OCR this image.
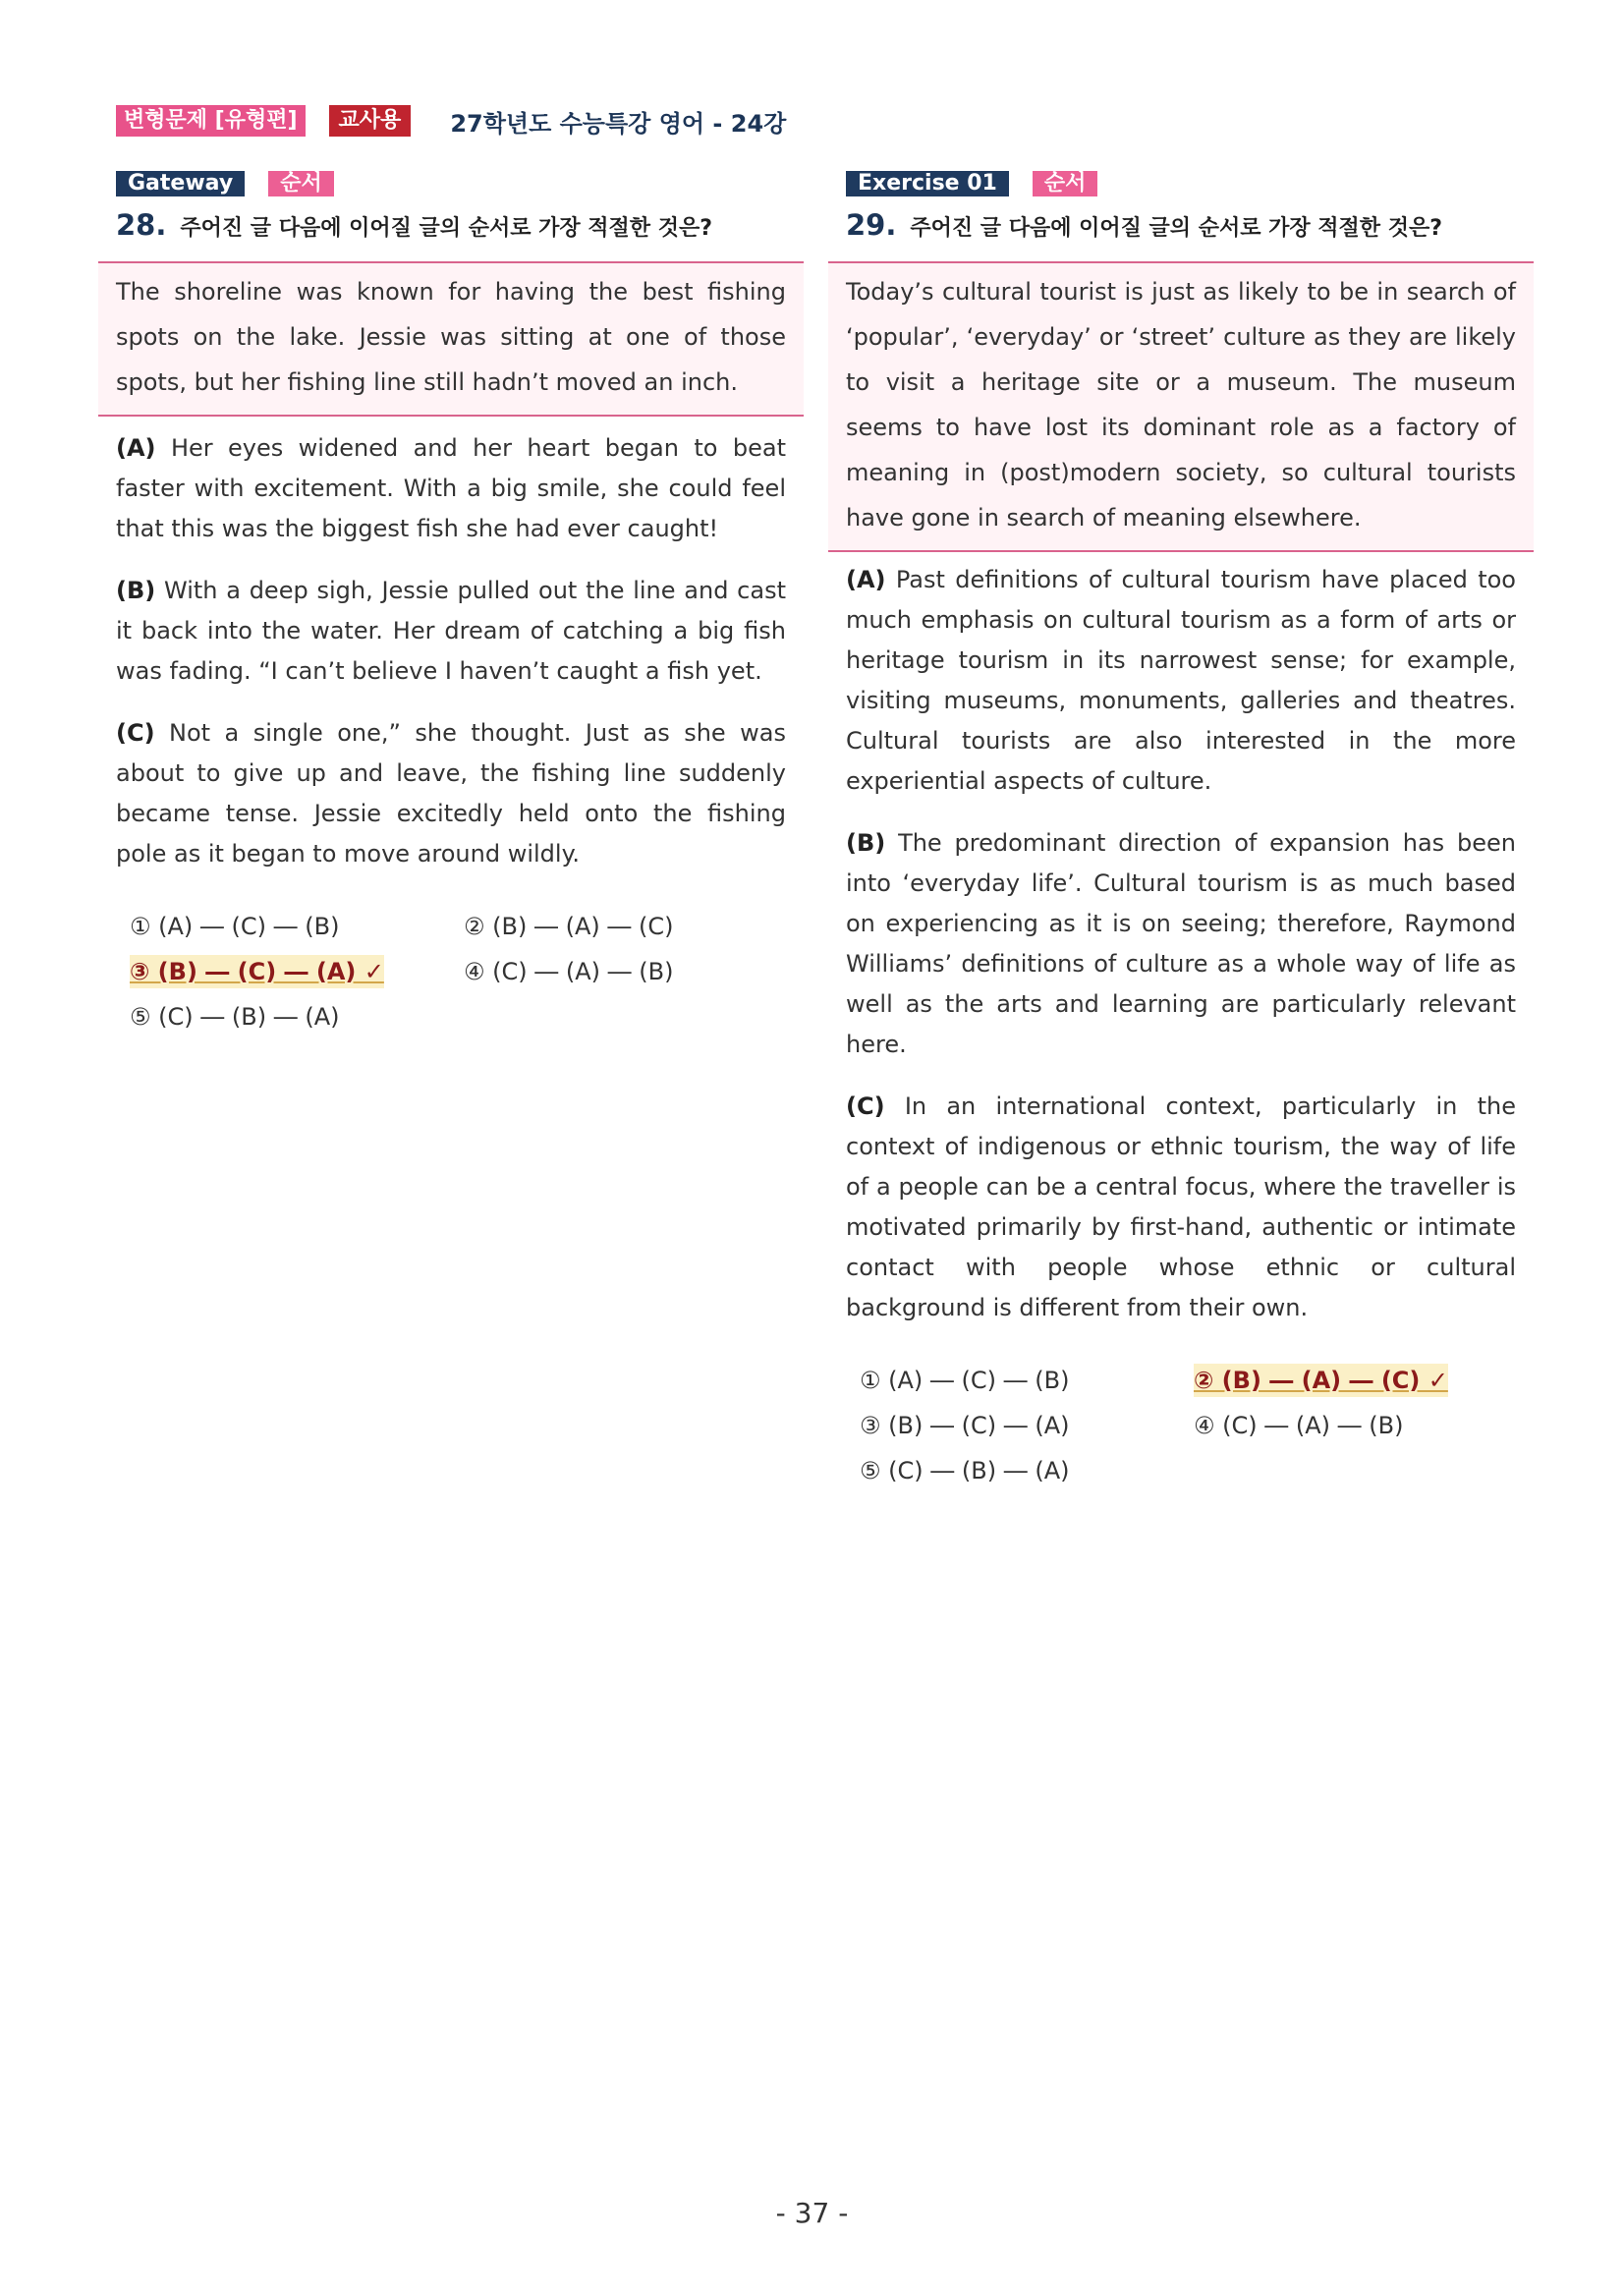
변형문제 [유형편]	교사용	27학년도 수능특강 영어 - 24강
Gateway	순서
28. 주어진 글 다음에 이어질 글의 순서로 가장 적절한 것은?
The shoreline was known for having the best fishing spots on the lake. Jessie was sitting at one of those spots, but her fishing line still hadn’t moved an inch.
(A) Her eyes widened and her heart began to beat faster with excitement. With a big smile, she could feel that this was the biggest fish she had ever caught!
(B) With a deep sigh, Jessie pulled out the line and cast it back into the water. Her dream of catching a big fish was fading. “I can’t believe I haven’t caught a fish yet.
(C) Not a single one,” she thought. Just as she was about to give up and leave, the fishing line suddenly became tense. Jessie excitedly held onto the fishing pole as it began to move around wildly.
① (A) ― (C) ― (B)	② (B) ― (A) ― (C)
③ (B) ― (C) ― (A) ✓	④ (C) ― (A) ― (B)
⑤ (C) ― (B) ― (A)
Exercise 01	순서
29. 주어진 글 다음에 이어질 글의 순서로 가장 적절한 것은?
Today’s cultural tourist is just as likely to be in search of ‘popular’, ‘everyday’ or ‘street’ culture as they are likely to visit a heritage site or a museum. The museum seems to have lost its dominant role as a factory of meaning in (post)modern society, so cultural tourists have gone in search of meaning elsewhere.
(A) Past definitions of cultural tourism have placed too much emphasis on cultural tourism as a form of arts or heritage tourism in its narrowest sense; for example, visiting museums, monuments, galleries and theatres. Cultural tourists are also interested in the more experiential aspects of culture.
(B) The predominant direction of expansion has been into ‘everyday life’. Cultural tourism is as much based on experiencing as it is on seeing; therefore, Raymond Williams’ definitions of culture as a whole way of life as well as the arts and learning are particularly relevant here.
(C) In an international context, particularly in the context of indigenous or ethnic tourism, the way of life of a people can be a central focus, where the traveller is motivated primarily by first-hand, authentic or intimate contact with people whose ethnic or cultural background is different from their own.
① (A) ― (C) ― (B)	② (B) ― (A) ― (C) ✓
③ (B) ― (C) ― (A)	④ (C) ― (A) ― (B)
⑤ (C) ― (B) ― (A)
- 37 -
